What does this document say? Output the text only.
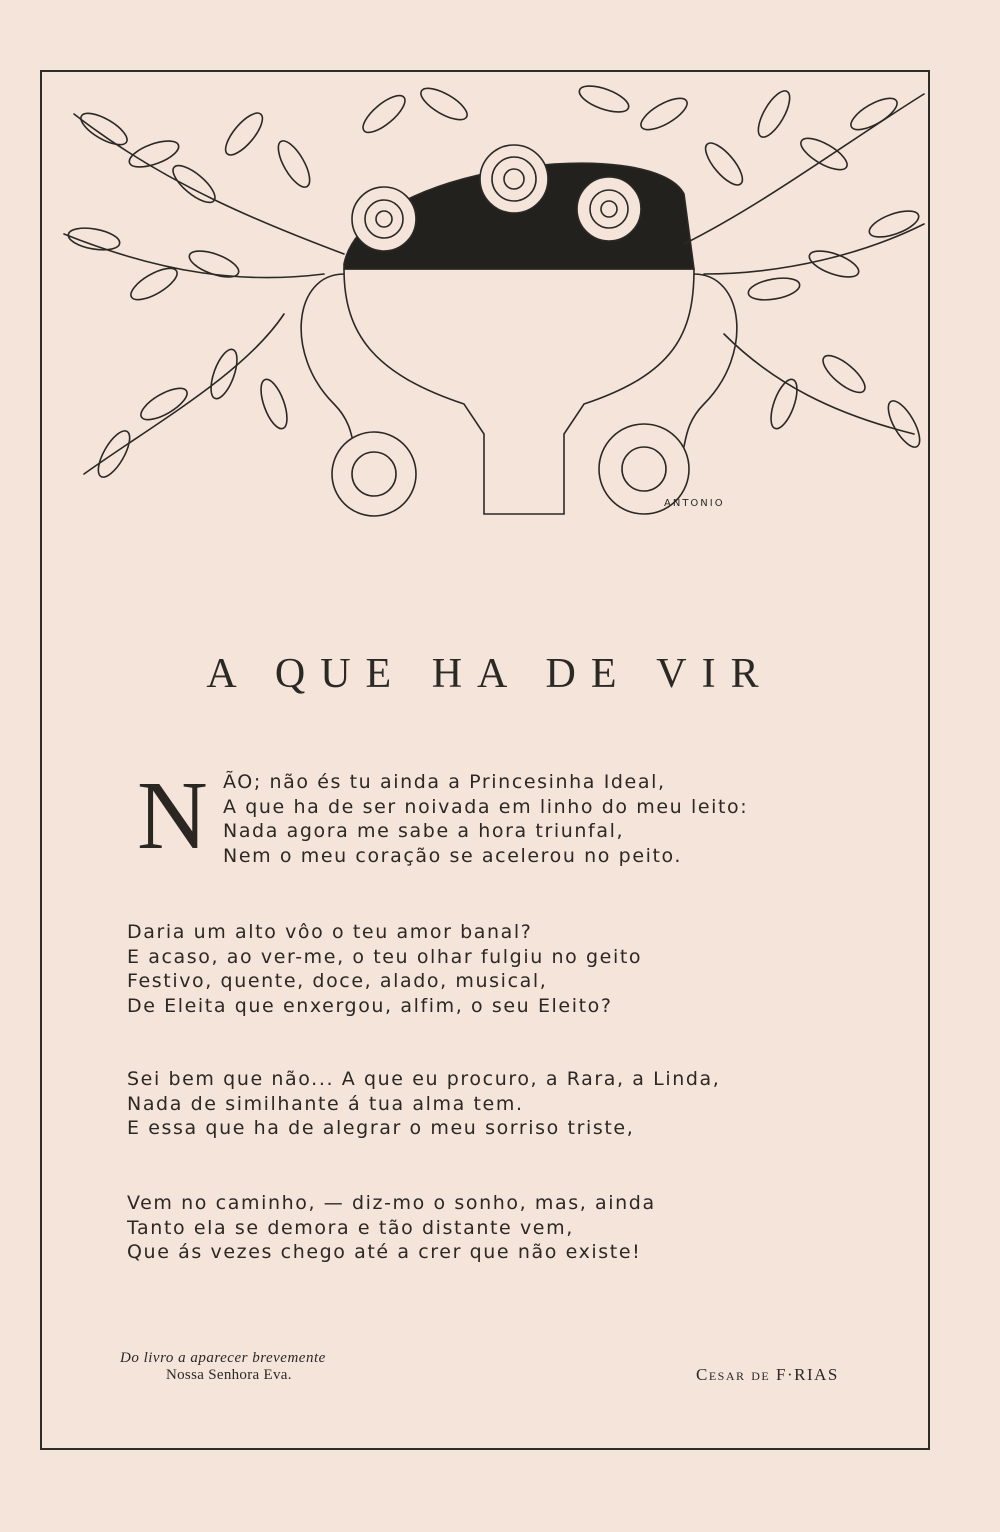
ANTONIO
A QUE HA DE VIR
N ÃO; não és tu ainda a Princesinha Ideal,
A que ha de ser noivada em linho do meu leito:
Nada agora me sabe a hora triunfal,
Nem o meu coração se acelerou no peito.
Daria um alto vôo o teu amor banal?
E acaso, ao ver-me, o teu olhar fulgiu no geito
Festivo, quente, doce, alado, musical,
De Eleita que enxergou, alfim, o seu Eleito?
Sei bem que não... A que eu procuro, a Rara, a Linda,
Nada de similhante á tua alma tem.
E essa que ha de alegrar o meu sorriso triste,
Vem no caminho, — diz-mo o sonho, mas, ainda
Tanto ela se demora e tão distante vem,
Que ás vezes chego até a crer que não existe!
Do livro a aparecer brevemente
Nossa Senhora Eva.	Cesar de F·RIAS
